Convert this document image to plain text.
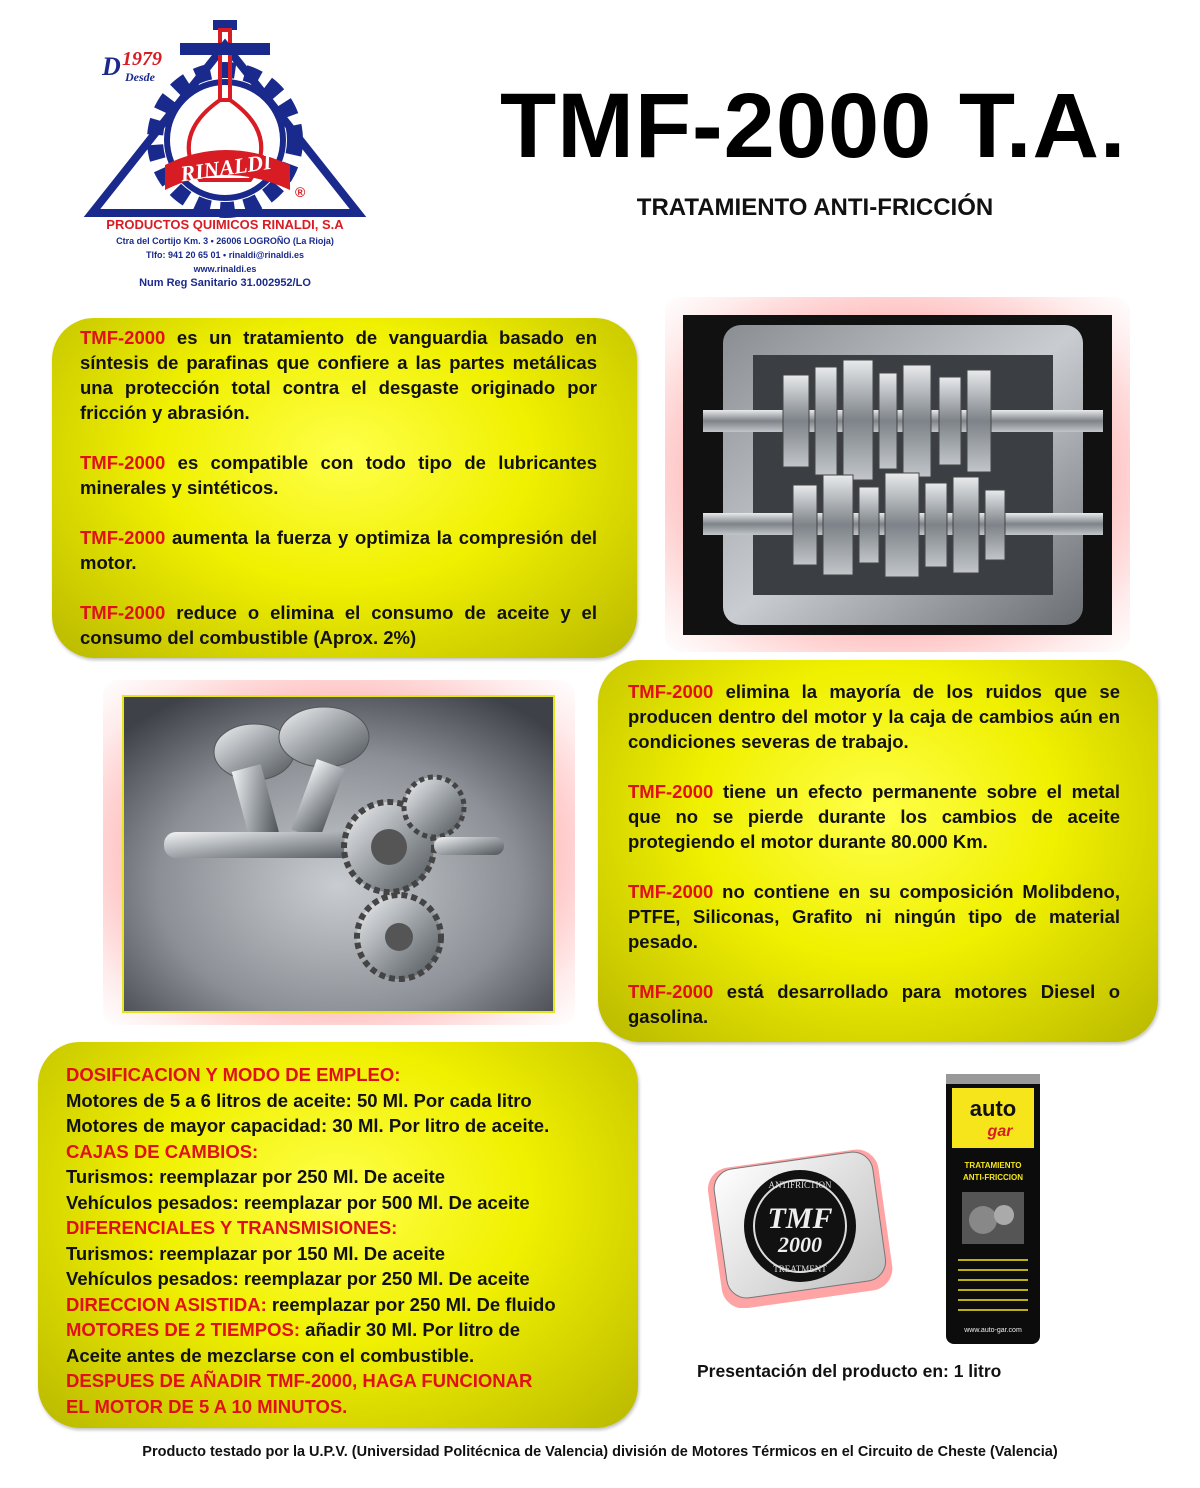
RINALDI
D 1979
Desde
®
PRODUCTOS QUIMICOS RINALDI, S.A
Ctra del Cortijo Km. 3 • 26006 LOGROÑO (La Rioja)
Tlfo: 941 20 65 01 • rinaldi@rinaldi.es
www.rinaldi.es
Num Reg Sanitario 31.002952/LO
TMF-2000 T.A.
TRATAMIENTO ANTI-FRICCIÓN

TMF-2000 es un tratamiento de vanguardia basado en síntesis de parafinas que confiere a las partes metálicas una protección total contra el desgaste originado por fricción y abrasión.

TMF-2000 es compatible con todo tipo de lubricantes minerales y sintéticos.

TMF-2000 aumenta la fuerza y optimiza la compresión del motor.

TMF-2000 reduce o elimina el consumo de aceite y el consumo del combustible (Aprox. 2%)

TMF-2000 elimina la mayoría de los ruidos que se producen dentro del motor y la caja de cambios aún en condiciones severas de trabajo.

TMF-2000 tiene un efecto permanente sobre el metal que no se pierde durante los cambios de aceite protegiendo el motor durante 80.000 Km.

TMF-2000 no contiene en su composición Molibdeno, PTFE, Siliconas, Grafito ni ningún tipo de material pesado.

TMF-2000 está desarrollado para motores Diesel o gasolina.

DOSIFICACION Y MODO DE EMPLEO:
Motores de 5 a 6 litros de aceite: 50 Ml. Por cada litro
Motores de mayor capacidad: 30 Ml. Por litro de aceite.
CAJAS DE CAMBIOS:
Turismos: reemplazar por 250 Ml. De aceite
Vehículos pesados: reemplazar por 500 Ml. De aceite
DIFERENCIALES Y TRANSMISIONES:
Turismos: reemplazar por 150 Ml. De aceite
Vehículos pesados: reemplazar por 250 Ml. De aceite
DIRECCION ASISTIDA: reemplazar por 250 Ml. De fluido
MOTORES DE 2 TIEMPOS: añadir 30 Ml. Por litro de
Aceite antes de mezclarse con el combustible.
DESPUES DE AÑADIR TMF-2000, HAGA FUNCIONAR
EL MOTOR DE 5 A 10 MINUTOS.
ANTIFRICTION
TMF
2000
TREATMENT
auto
gar
TRATAMIENTO
ANTI-FRICCION
www.auto-gar.com
Presentación del producto en: 1 litro
Producto testado por la U.P.V. (Universidad Politécnica de Valencia) división de Motores Térmicos en el Circuito de Cheste (Valencia)
